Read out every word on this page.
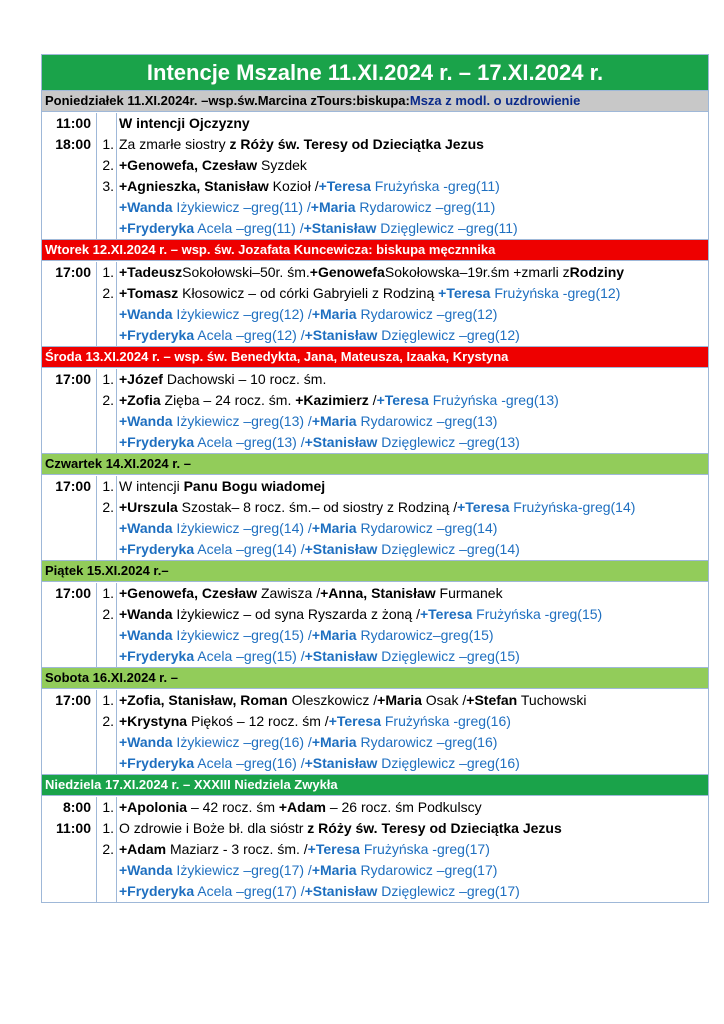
Intencje Mszalne 11.XI.2024 r. – 17.XI.2024 r.
Poniedziałek 11.XI.2024r. –wsp.św.Marcina zTours:biskupa:Msza z modl. o uzdrowienie
11:00	W intencji Ojczyzny
18:00 1. Za zmarłe siostry z Róży św. Teresy od Dzieciątka Jezus
2. +Genowefa, Czesław Syzdek
3. +Agnieszka, Stanisław Kozioł /+Teresa Frużyńska -greg(11)
+Wanda Iżykiewicz –greg(11) /+Maria Rydarowicz –greg(11)
+Fryderyka Acela –greg(11) /+Stanisław Dzięglewicz –greg(11)
Wtorek 12.XI.2024 r. – wsp. św. Jozafata Kuncewicza: biskupa męcznnika
17:00 1. +TadeuszSokołowski–50r. śm.+GenowefaSokołowska–19r.śm +zmarli zRodziny
2. +Tomasz Kłosowicz – od córki Gabryieli z Rodziną +Teresa Frużyńska -greg(12)
+Wanda Iżykiewicz –greg(12) /+Maria Rydarowicz –greg(12)
+Fryderyka Acela –greg(12) /+Stanisław Dzięglewicz –greg(12)
Środa 13.XI.2024 r. – wsp. św. Benedykta, Jana, Mateusza, Izaaka, Krystyna
17:00 1. +Józef Dachowski – 10 rocz. śm.
2. +Zofia Zięba – 24 rocz. śm. +Kazimierz /+Teresa Frużyńska -greg(13)
+Wanda Iżykiewicz –greg(13) /+Maria Rydarowicz –greg(13)
+Fryderyka Acela –greg(13) /+Stanisław Dzięglewicz –greg(13)
Czwartek 14.XI.2024 r. –
17:00 1. W intencji Panu Bogu wiadomej
2. +Urszula Szostak– 8 rocz. śm.– od siostry z Rodziną /+Teresa Frużyńska-greg(14)
+Wanda Iżykiewicz –greg(14) /+Maria Rydarowicz –greg(14)
+Fryderyka Acela –greg(14) /+Stanisław Dzięglewicz –greg(14)
Piątek 15.XI.2024 r.–
17:00 1. +Genowefa, Czesław Zawisza /+Anna, Stanisław Furmanek
2. +Wanda Iżykiewicz – od syna Ryszarda z żoną /+Teresa Frużyńska -greg(15)
+Wanda Iżykiewicz –greg(15) /+Maria Rydarowicz–greg(15)
+Fryderyka Acela –greg(15) /+Stanisław Dzięglewicz –greg(15)
Sobota 16.XI.2024 r. –
17:00 1. +Zofia, Stanisław, Roman Oleszkowicz /+Maria Osak /+Stefan Tuchowski
2. +Krystyna Piękoś – 12 rocz. śm /+Teresa Frużyńska -greg(16)
+Wanda Iżykiewicz –greg(16) /+Maria Rydarowicz –greg(16)
+Fryderyka Acela –greg(16) /+Stanisław Dzięglewicz –greg(16)
Niedziela 17.XI.2024 r. – XXXIII Niedziela Zwykła
8:00 1. +Apolonia – 42 rocz. śm +Adam – 26 rocz. śm Podkulscy
11:00 1. O zdrowie i Boże bł. dla sióstr z Róży św. Teresy od Dzieciątka Jezus
2. +Adam Maziarz - 3 rocz. śm. /+Teresa Frużyńska -greg(17)
+Wanda Iżykiewicz –greg(17) /+Maria Rydarowicz –greg(17)
+Fryderyka Acela –greg(17) /+Stanisław Dzięglewicz –greg(17)
